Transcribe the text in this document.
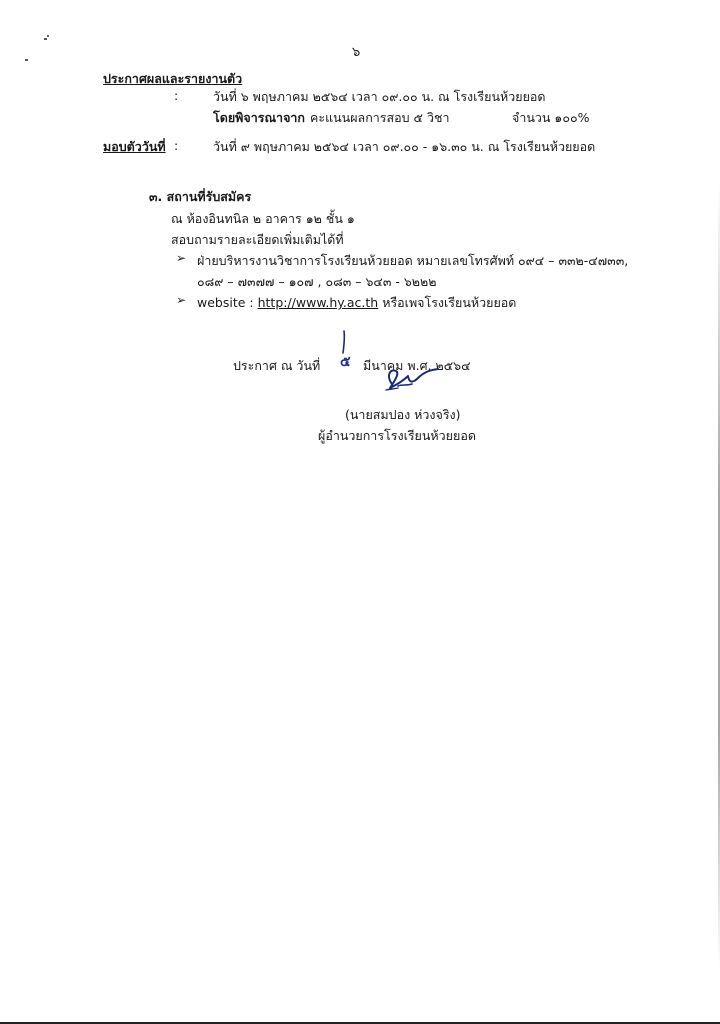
๖
ประกาศผลและรายงานตัว
:	วันที่ ๖ พฤษภาคม ๒๕๖๔ เวลา ๐๙.๐๐ น. ณ โรงเรียนห้วยยอด
โดยพิจารณาจาก คะแนนผลการสอบ ๕ วิชา	จำนวน ๑๐๐%
มอบตัววันที่ :	วันที่ ๙ พฤษภาคม ๒๕๖๔ เวลา ๐๙.๐๐ - ๑๖.๓๐ น. ณ โรงเรียนห้วยยอด
๓. สถานที่รับสมัคร
ณ ห้องอินทนิล ๒ อาคาร ๑๒ ชั้น ๑
สอบถามรายละเอียดเพิ่มเติมได้ที่
➢ ฝ่ายบริหารงานวิชาการโรงเรียนห้วยยอด หมายเลขโทรศัพท์ ๐๙๔ – ๓๓๒-๔๗๓๓,
๐๘๙ – ๗๓๗๗ – ๑๐๗ , ๐๘๓ – ๖๔๓ - ๖๒๒๒
➢ website : http://www.hy.ac.th หรือเพจโรงเรียนห้วยยอด
ประกาศ ณ วันที่ ๕ มีนาคม พ.ศ. ๒๕๖๔
(นายสมปอง ห่วงจริง)
ผู้อำนวยการโรงเรียนห้วยยอด
